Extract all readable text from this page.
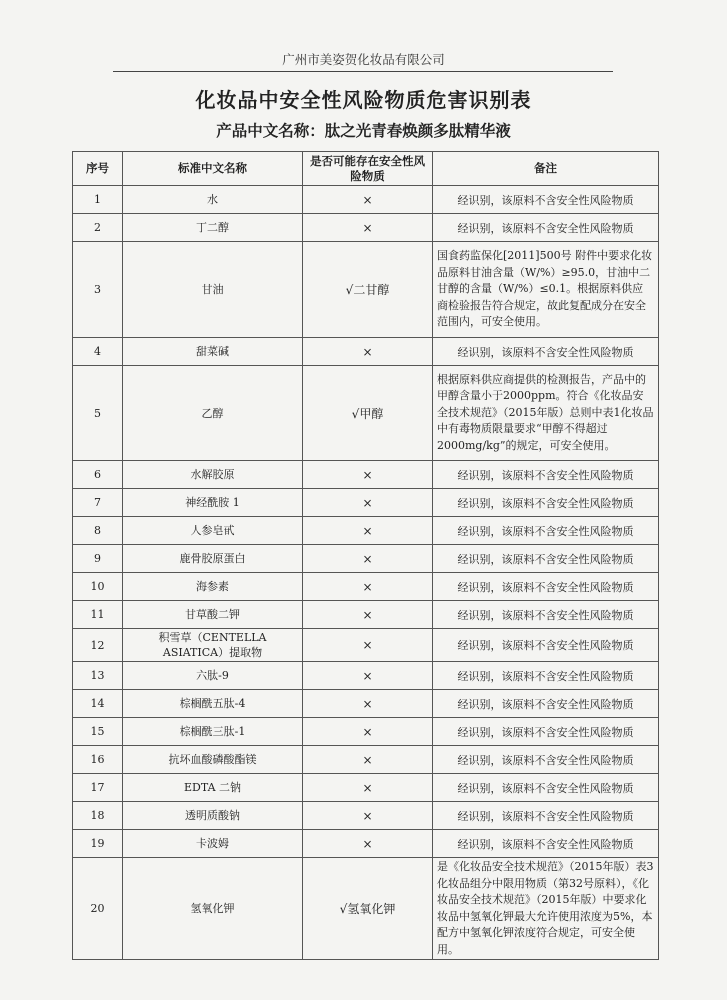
广州市美姿贺化妆品有限公司
化妆品中安全性风险物质危害识别表
产品中文名称：肽之光青春焕颜多肽精华液
序号	标准中文名称	是否可能存在安全性风险物质	备注
1	水	×	经识别，该原料不含安全性风险物质
2	丁二醇	×	经识别，该原料不含安全性风险物质
3	甘油	√二甘醇	国食药监保化[2011]500号 附件中要求化妆品原料甘油含量（W/%）≥95.0，甘油中二甘醇的含量（W/%）≤0.1。根据原料供应商检验报告符合规定，故此复配成分在安全范围内，可安全使用。
4	甜菜碱	×	经识别，该原料不含安全性风险物质
5	乙醇	√甲醇	根据原料供应商提供的检测报告，产品中的甲醇含量小于2000ppm。符合《化妆品安全技术规范》（2015年版）总则中表1化妆品中有毒物质限量要求“甲醇不得超过2000mg/kg”的规定，可安全使用。
6	水解胶原	×	经识别，该原料不含安全性风险物质
7	神经酰胺 1	×	经识别，该原料不含安全性风险物质
8	人参皂甙	×	经识别，该原料不含安全性风险物质
9	鹿骨胶原蛋白	×	经识别，该原料不含安全性风险物质
10	海参素	×	经识别，该原料不含安全性风险物质
11	甘草酸二钾	×	经识别，该原料不含安全性风险物质
12	积雪草（CENTELLA ASIATICA）提取物	×	经识别，该原料不含安全性风险物质
13	六肽-9	×	经识别，该原料不含安全性风险物质
14	棕榈酰五肽-4	×	经识别，该原料不含安全性风险物质
15	棕榈酰三肽-1	×	经识别，该原料不含安全性风险物质
16	抗坏血酸磷酸酯镁	×	经识别，该原料不含安全性风险物质
17	EDTA 二钠	×	经识别，该原料不含安全性风险物质
18	透明质酸钠	×	经识别，该原料不含安全性风险物质
19	卡波姆	×	经识别，该原料不含安全性风险物质
20	氢氧化钾	√氢氧化钾	是《化妆品安全技术规范》（2015年版）表3化妆品组分中限用物质（第32号原料），《化妆品安全技术规范》（2015年版）中要求化妆品中氢氧化钾最大允许使用浓度为5%，本配方中氢氧化钾浓度符合规定，可安全使用。
